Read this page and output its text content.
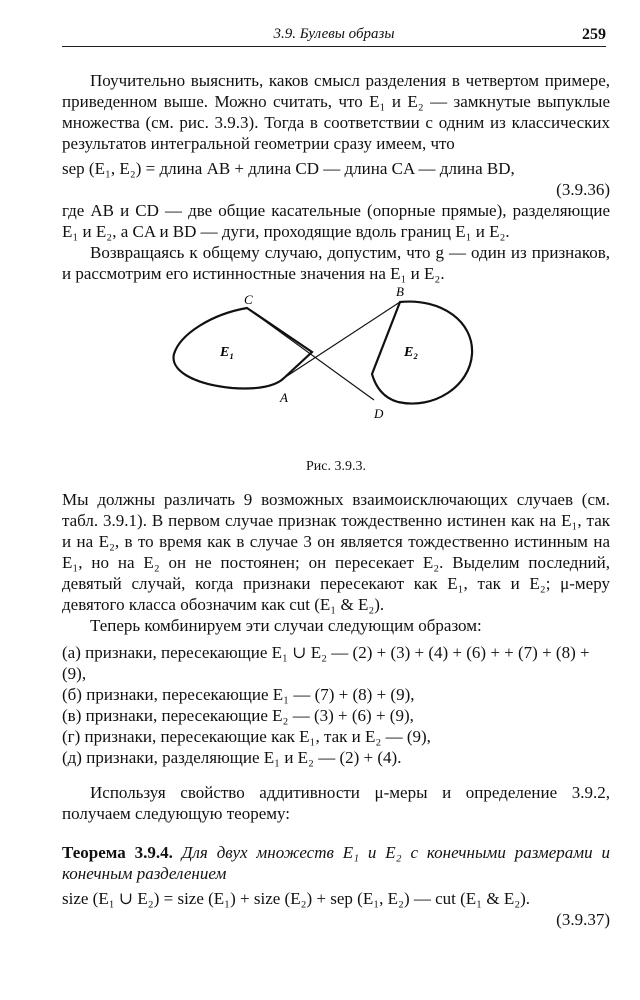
3.9. Булевы образы	259

Поучительно выяснить, каков смысл разделения в четвертом примере, приведенном выше. Можно считать, что E₁ и E₂ — замкнутые выпуклые множества (см. рис. 3.9.3). Тогда в соответствии с одним из классических результатов интегральной геометрии сразу имеем, что

sep (E₁, E₂) = длина AB + длина CD — длина CA — длина BD,

(3.9.36)

где AB и CD — две общие касательные (опорные прямые), разделяющие E₁ и E₂, а CA и BD — дуги, проходящие вдоль границ E₁ и E₂.

Возвращаясь к общему случаю, допустим, что g — один из признаков, и рассмотрим его истинностные значения на E₁ и E₂.

C
A
B
D
E₁	E₂
Рис. 3.9.3.

Мы должны различать 9 возможных взаимоисключающих случаев (см. табл. 3.9.1). В первом случае признак тождественно истинен как на E₁, так и на E₂, в то время как в случае 3 он является тождественно истинным на E₁, но на E₂ он не постоянен; он пересекает E₂. Выделим последний, девятый случай, когда признаки пересекают как E₁, так и E₂; μ-меру девятого класса обозначим как cut (E₁ & E₂).

Теперь комбинируем эти случаи следующим образом:

(а) признаки, пересекающие E₁ ∪ E₂ — (2) + (3) + (4) + (6) + + (7) + (8) + (9),
(б) признаки, пересекающие E₁ — (7) + (8) + (9),
(в) признаки, пересекающие E₂ — (3) + (6) + (9),
(г) признаки, пересекающие как E₁, так и E₂ — (9),
(д) признаки, разделяющие E₁ и E₂ — (2) + (4).

Используя свойство аддитивности μ-меры и определение 3.9.2, получаем следующую теорему:

Теорема 3.9.4. Для двух множеств E₁ и E₂ с конечными размерами и конечным разделением

size (E₁ ∪ E₂) = size (E₁) + size (E₂) + sep (E₁, E₂) — cut (E₁ & E₂).

(3.9.37)
